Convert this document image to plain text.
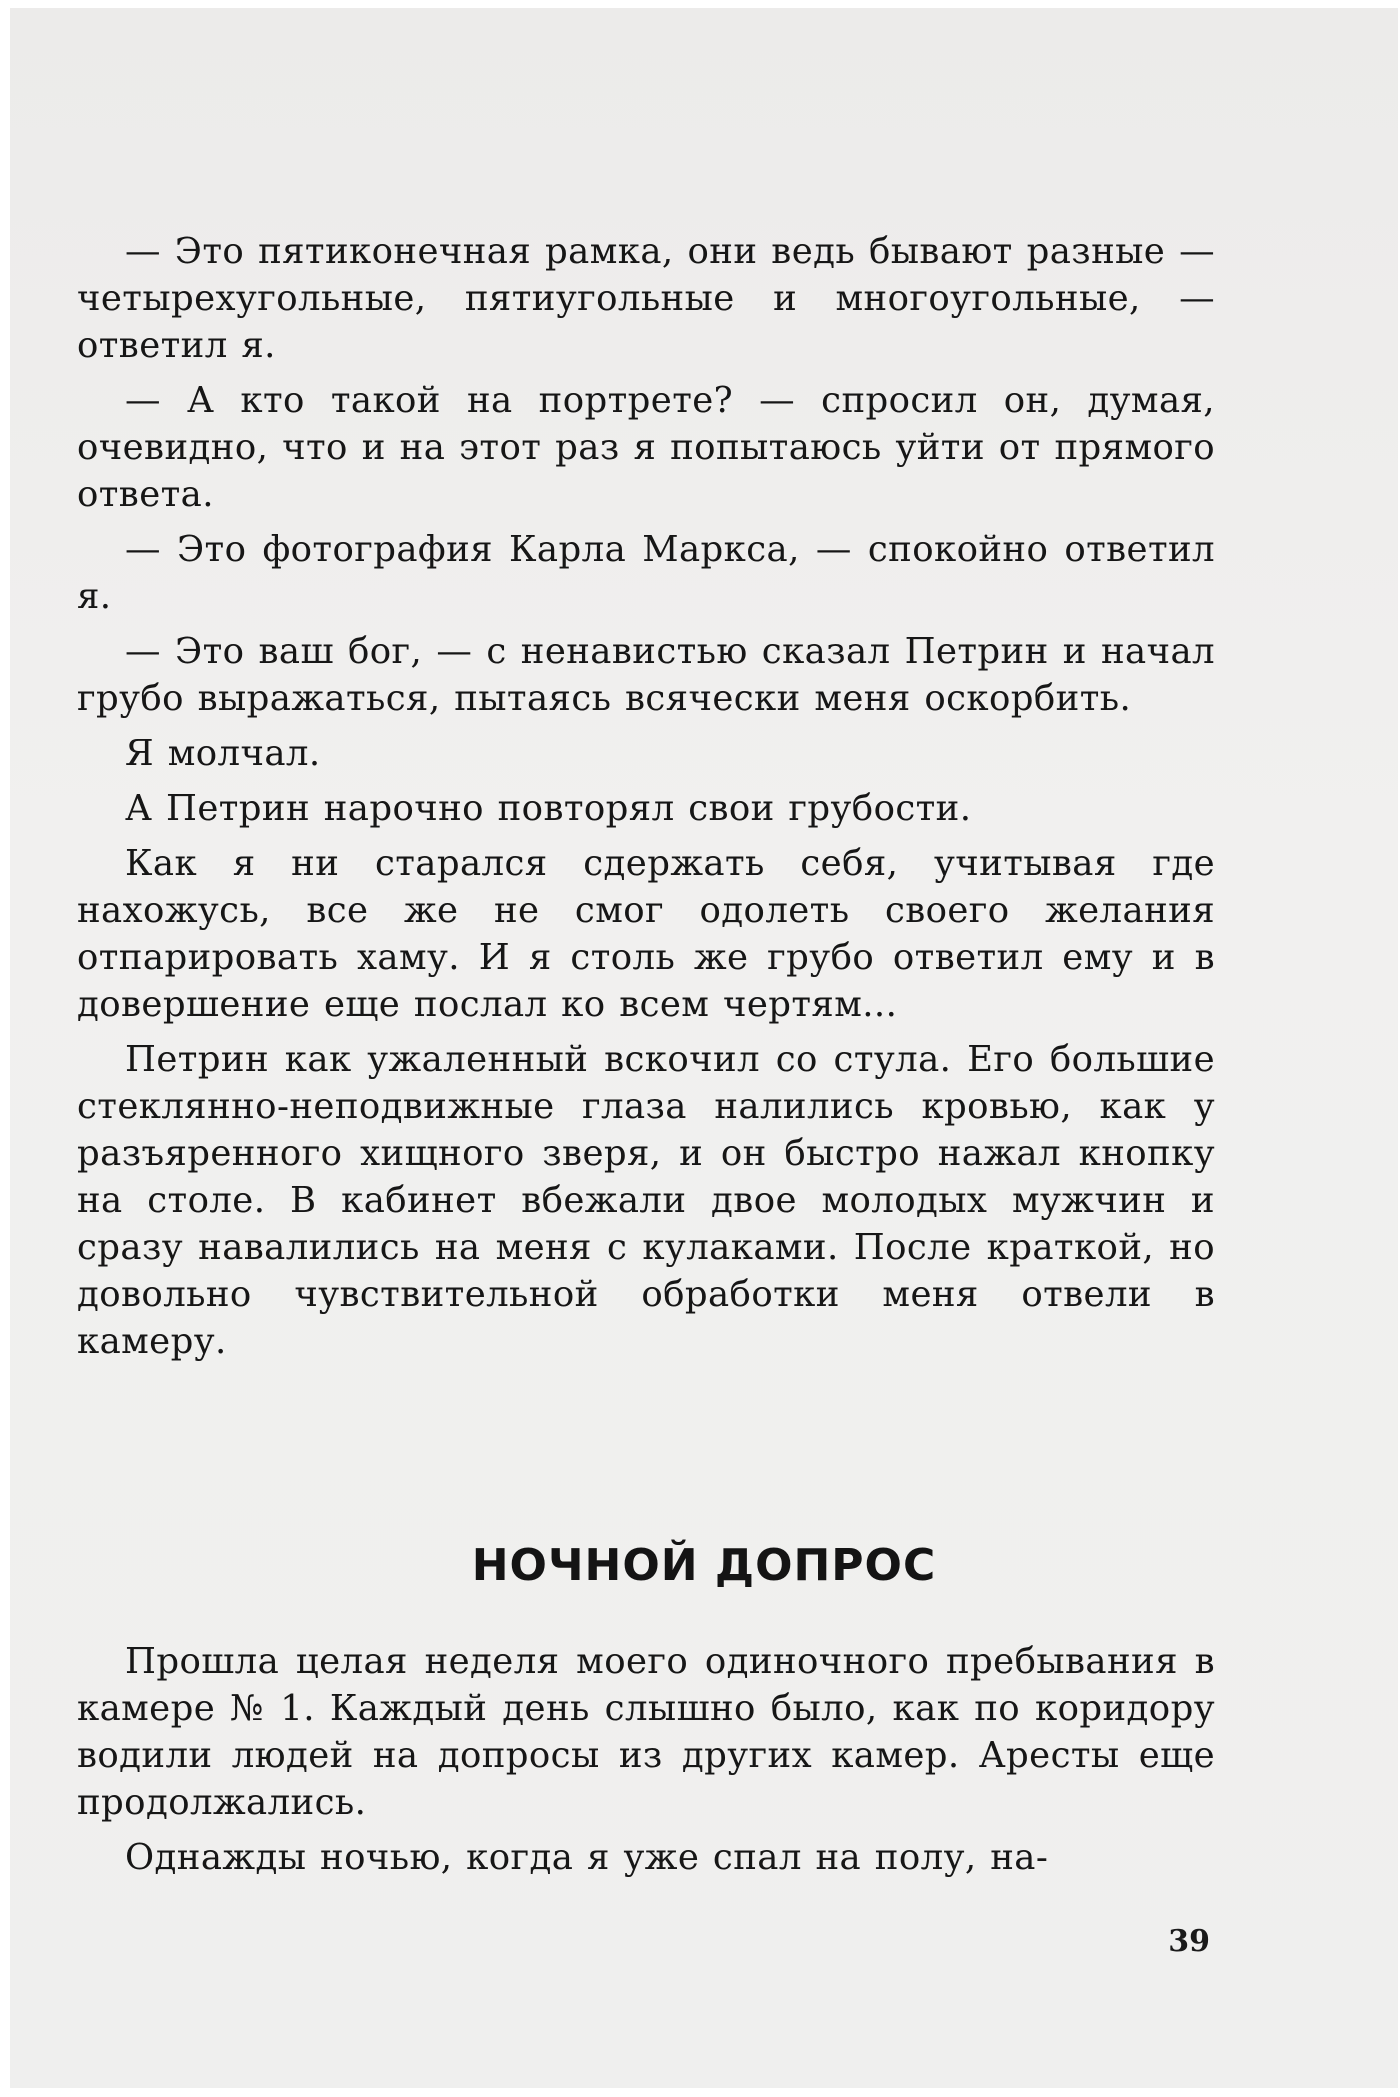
— Это пятиконечная рамка, они ведь бывают разные — четырехугольные, пятиугольные и многоугольные, — ответил я.

— А кто такой на портрете? — спросил он, думая, очевидно, что и на этот раз я попытаюсь уйти от прямого ответа.

— Это фотография Карла Маркса, — спокойно ответил я.

— Это ваш бог, — с ненавистью сказал Петрин и начал грубо выражаться, пытаясь всячески меня оскорбить.

Я молчал.

А Петрин нарочно повторял свои грубости.

Как я ни старался сдержать себя, учитывая где нахожусь, все же не смог одолеть своего желания отпарировать хаму. И я столь же грубо ответил ему и в довершение еще послал ко всем чертям...

Петрин как ужаленный вскочил со стула. Его большие стеклянно-неподвижные глаза налились кровью, как у разъяренного хищного зверя, и он быстро нажал кнопку на столе. В кабинет вбежали двое молодых мужчин и сразу навалились на меня с кулаками. После краткой, но довольно чувствительной обработки меня отвели в камеру.

НОЧНОЙ ДОПРОС

Прошла целая неделя моего одиночного пребывания в камере № 1. Каждый день слышно было, как по коридору водили людей на допросы из других камер. Аресты еще продолжались.

Однажды ночью, когда я уже спал на полу, на-

39
